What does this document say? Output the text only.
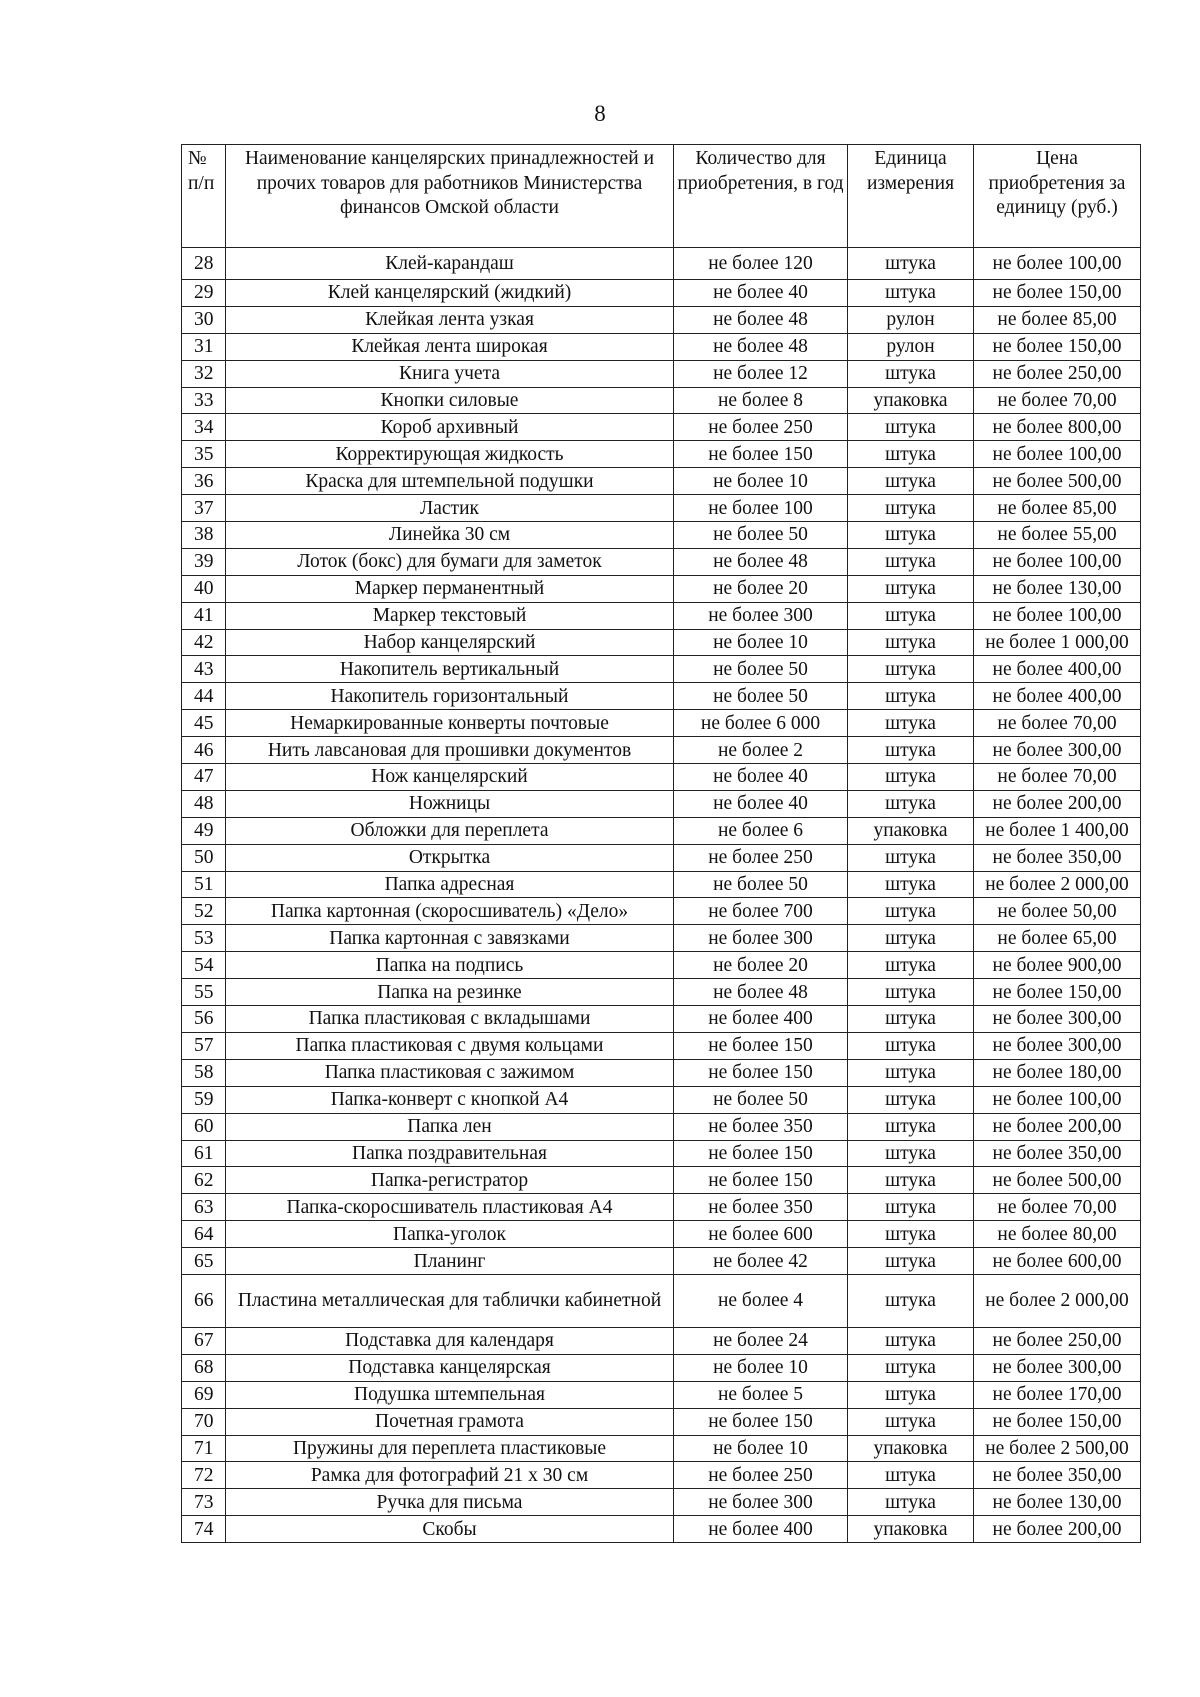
8
№ п/п	Наименование канцелярских принадлежностей и прочих товаров для работников Министерства финансов Омской области	Количество для приобретения, в год	Единица измерения	Цена приобретения за единицу (руб.)
28	Клей-карандаш	не более 120	штука	не более 100,00
29	Клей канцелярский (жидкий)	не более 40	штука	не более 150,00
30	Клейкая лента узкая	не более 48	рулон	не более 85,00
31	Клейкая лента широкая	не более 48	рулон	не более 150,00
32	Книга учета	не более 12	штука	не более 250,00
33	Кнопки силовые	не более 8	упаковка	не более 70,00
34	Короб архивный	не более 250	штука	не более 800,00
35	Корректирующая жидкость	не более 150	штука	не более 100,00
36	Краска для штемпельной подушки	не более 10	штука	не более 500,00
37	Ластик	не более 100	штука	не более 85,00
38	Линейка 30 см	не более 50	штука	не более 55,00
39	Лоток (бокс) для бумаги для заметок	не более 48	штука	не более 100,00
40	Маркер перманентный	не более 20	штука	не более 130,00
41	Маркер текстовый	не более 300	штука	не более 100,00
42	Набор канцелярский	не более 10	штука	не более 1 000,00
43	Накопитель вертикальный	не более 50	штука	не более 400,00
44	Накопитель горизонтальный	не более 50	штука	не более 400,00
45	Немаркированные конверты почтовые	не более 6 000	штука	не более 70,00
46	Нить лавсановая для прошивки документов	не более 2	штука	не более 300,00
47	Нож канцелярский	не более 40	штука	не более 70,00
48	Ножницы	не более 40	штука	не более 200,00
49	Обложки для переплета	не более 6	упаковка	не более 1 400,00
50	Открытка	не более 250	штука	не более 350,00
51	Папка адресная	не более 50	штука	не более 2 000,00
52	Папка картонная (скоросшиватель) «Дело»	не более 700	штука	не более 50,00
53	Папка картонная с завязками	не более 300	штука	не более 65,00
54	Папка на подпись	не более 20	штука	не более 900,00
55	Папка на резинке	не более 48	штука	не более 150,00
56	Папка пластиковая с вкладышами	не более 400	штука	не более 300,00
57	Папка пластиковая с двумя кольцами	не более 150	штука	не более 300,00
58	Папка пластиковая с зажимом	не более 150	штука	не более 180,00
59	Папка-конверт с кнопкой А4	не более 50	штука	не более 100,00
60	Папка лен	не более 350	штука	не более 200,00
61	Папка поздравительная	не более 150	штука	не более 350,00
62	Папка-регистратор	не более 150	штука	не более 500,00
63	Папка-скоросшиватель пластиковая А4	не более 350	штука	не более 70,00
64	Папка-уголок	не более 600	штука	не более 80,00
65	Планинг	не более 42	штука	не более 600,00
66	Пластина металлическая для таблички кабинетной	не более 4	штука	не более 2 000,00
67	Подставка для календаря	не более 24	штука	не более 250,00
68	Подставка канцелярская	не более 10	штука	не более 300,00
69	Подушка штемпельная	не более 5	штука	не более 170,00
70	Почетная грамота	не более 150	штука	не более 150,00
71	Пружины для переплета пластиковые	не более 10	упаковка	не более 2 500,00
72	Рамка для фотографий 21 х 30 см	не более 250	штука	не более 350,00
73	Ручка для письма	не более 300	штука	не более 130,00
74	Скобы	не более 400	упаковка	не более 200,00
